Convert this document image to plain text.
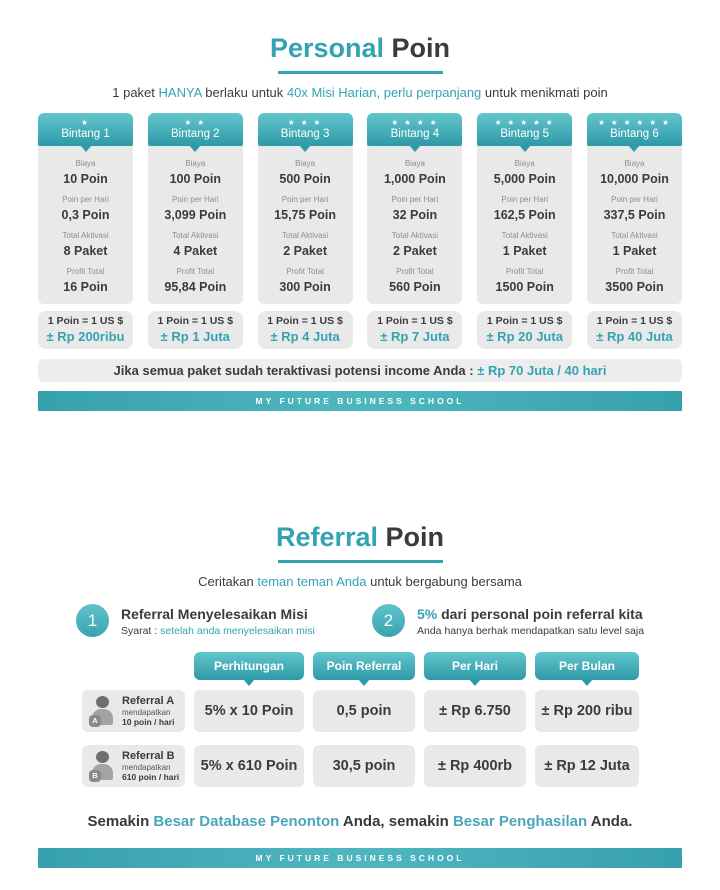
Personal Poin
1 paket HANYA berlaku untuk 40x Misi Harian, perlu perpanjang untuk menikmati poin
★
Bintang 1
Biaya
10 Poin
Poin per Hari
0,3 Poin
Total Aktivasi
8 Paket
Profit Total
16 Poin
★ ★
Bintang 2
Biaya
100 Poin
Poin per Hari
3,099 Poin
Total Aktivasi
4 Paket
Profit Total
95,84 Poin
★ ★ ★
Bintang 3
Biaya
500 Poin
Poin per Hari
15,75 Poin
Total Aktivasi
2 Paket
Profit Total
300 Poin
★ ★ ★ ★
Bintang 4
Biaya
1,000 Poin
Poin per Hari
32 Poin
Total Aktivasi
2 Paket
Profit Total
560 Poin
★ ★ ★ ★ ★
Bintang 5
Biaya
5,000 Poin
Poin per Hari
162,5 Poin
Total Aktivasi
1 Paket
Profit Total
1500 Poin
★ ★ ★ ★ ★ ★
Bintang 6
Biaya
10,000 Poin
Poin per Hari
337,5 Poin
Total Aktivasi
1 Paket
Profit Total
3500 Poin
1 Poin = 1 US $
± Rp 200ribu
1 Poin = 1 US $
± Rp 1 Juta
1 Poin = 1 US $
± Rp 4 Juta
1 Poin = 1 US $
± Rp 7 Juta
1 Poin = 1 US $
± Rp 20 Juta
1 Poin = 1 US $
± Rp 40 Juta
Jika semua paket sudah teraktivasi potensi income Anda : ± Rp 70 Juta / 40 hari
MY FUTURE BUSINESS SCHOOL
Referral Poin
Ceritakan teman teman Anda untuk bergabung bersama
1	Referral Menyelesaikan Misi
Syarat : setelah anda menyelesaikan misi
2	5% dari personal poin referral kita
Anda hanya berhak mendapatkan satu level saja
Perhitungan	Poin Referral	Per Hari	Per Bulan
A
Referral A
mendapatkan
10 poin / hari
5% x 10 Poin	0,5 poin	± Rp 6.750	± Rp 200 ribu
B
Referral B
mendapatkan
610 poin / hari
5% x 610 Poin	30,5 poin	± Rp 400rb	± Rp 12 Juta
Semakin Besar Database Penonton Anda, semakin Besar Penghasilan Anda.
MY FUTURE BUSINESS SCHOOL
